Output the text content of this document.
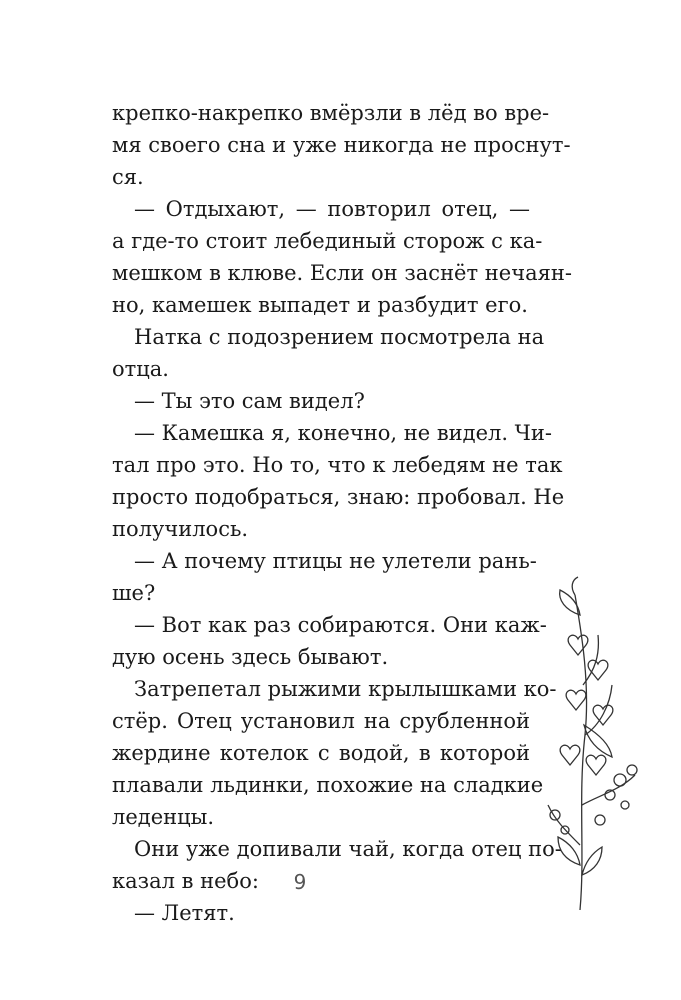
крепко-накрепко вмёрзли в лёд во вре-
мя своего сна и уже никогда не проснут-
ся.
— Отдыхают, — повторил отец, —
а где-то стоит лебединый сторож с ка-
мешком в клюве. Если он заснёт нечаян-
но, камешек выпадет и разбудит его.
Натка с подозрением посмотрела на
отца.
— Ты это сам видел?
— Камешка я, конечно, не видел. Чи-
тал про это. Но то, что к лебедям не так
просто подобраться, знаю: пробовал. Не
получилось.
— А почему птицы не улетели рань-
ше?
— Вот как раз собираются. Они каж-
дую осень здесь бывают.
Затрепетал рыжими крылышками ко-
стёр. Отец установил на срубленной
жердине котелок с водой, в которой
плавали льдинки, похожие на сладкие
леденцы.
Они уже допивали чай, когда отец по-
казал в небо:
— Летят.
9
